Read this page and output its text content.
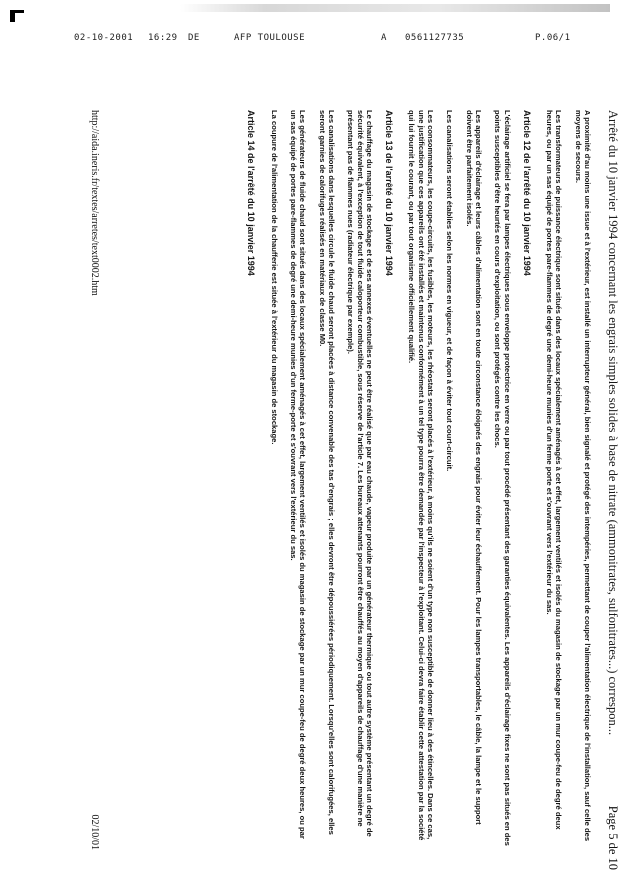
02-10-2001 16:29 DE	AFP TOULOUSE	A 0561127735	P.06/1
Arrêté du 10 janvier 1994 concernant les engrais simples solides à base de nitrate (ammonitrates, sulfonitrates...) correspon...
Page 5 de 10

A proximité d'au moins une issue et à l'extérieur, est installé un interrupteur général, bien signalé et protégé des intempéries, permettant de couper l'alimentation électrique de l'installation, sauf celle des moyens de secours.

Les transformateurs de puissance électrique sont situés dans des locaux spécialement aménagés à cet effet, largement ventilés et isolés du magasin de stockage par un mur coupe-feu de degré deux heures, ou par un sas équipé de portes pare-flammes de degré une demi-heure munies d'un ferme porte et s'ouvrant vers l'extérieur du sas.

Article 12 de l'arrêté du 10 janvier 1994

L'éclairage artificiel se fera par lampes électriques sous enveloppe protectrice en verre ou par tout procédé présentant des garanties équivalentes. Les appareils d'éclairage fixes ne sont pas situés en des points susceptibles d'être heurtés en cours d'exploitation, ou sont protégés contre les chocs.

Les appareils d'éclairage et leurs câbles d'alimentation sont en toute circonstance éloignés des engrais pour éviter leur échauffement. Pour les lampes transportables, le câble, la lampe et le support doivent être parfaitement isolés.

Les canalisations seront établies selon les normes en vigueur, et de façon à éviter tout court-circuit.

Les consommateurs, les coupe-circuits, les fusibles, les moteurs, les rhéostats seront placés à l'extérieur, à moins qu'ils ne soient d'un type non susceptible de donner lieu à des étincelles. Dans ce cas, une justification que ces appareils ont été installés et maintenus conformément à un tel type pourra être demandée par l'inspecteur à l'exploitant. Celui-ci devra faire établir cette attestation par la société qui lui fournit le courant, ou par tout organisme officiellement qualifié.

Article 13 de l'arrêté du 10 janvier 1994

Le chauffage du magasin de stockage et de ses annexes éventuelles ne peut être réalisé que par eau chaude, vapeur produite par un générateur thermique ou tout autre système présentant un degré de sécurité équivalent, à l'exception de tout fluide caloporteur combustible, sous réserve de l'article 7. Les bureaux attenants pourront être chauffés au moyen d'appareils de chauffage d'une manière ne présentant pas de flammes nues (radiateur électrique par exemple).

Les canalisations dans lesquelles circule le fluide chaud seront placées à distance convenable des tas d'engrais ; elles devront être dépoussiérées périodiquement. Lorsqu'elles sont calorifugées, elles seront garnies de calorifuges réalisés en matériaux de classe M0.

Les générateurs de fluide chaud sont situés dans des locaux spécialement aménagés à cet effet, largement ventilés et isolés du magasin de stockage par un mur coupe-feu de degré deux heures, ou par un sas équipé de portes pare-flammes de degré une demi-heure munies d'un ferme-porte et s'ouvrant vers l'extérieur du sas.

La coupure de l'alimentation de la chaufferie est située à l'extérieur du magasin de stockage.

Article 14 de l'arrêté du 10 janvier 1994
http://aida.ineris.fr/textes/arretes/text0002.htm
02/10/01
